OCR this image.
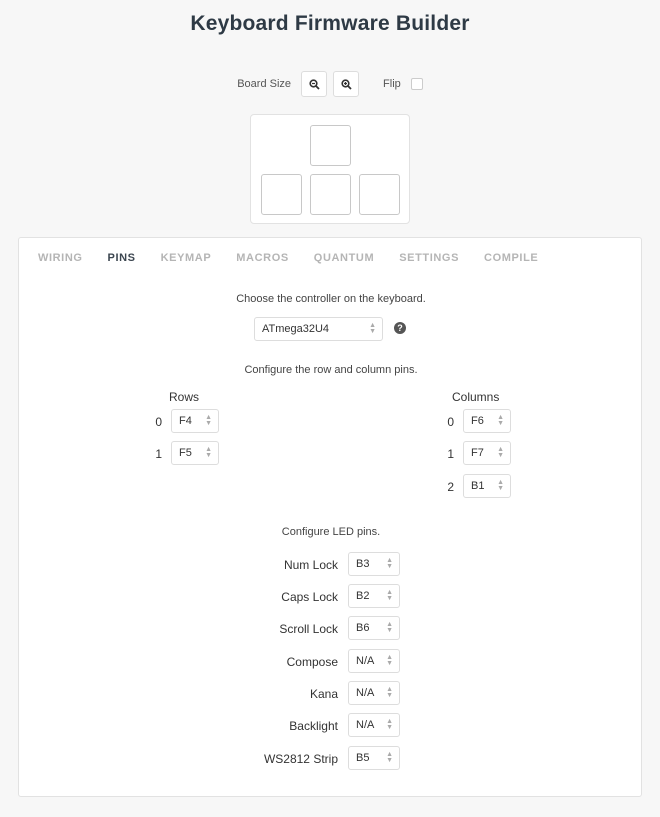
Keyboard Firmware Builder
Board Size	Flip
WIRING PINS KEYMAP MACROS QUANTUM SETTINGS COMPILE
Choose the controller on the keyboard.
ATmega32U4	▲
▼	?
Configure the row and column pins.
Rows	Columns
0 F4 ▲
▼
1 F5 ▲
▼
0 F6 ▲
▼
1 F7 ▲
▼
2 B1 ▲
▼
Configure LED pins.
Num Lock B3 ▲
▼
Caps Lock B2 ▲
▼
Scroll Lock B6 ▲
▼
Compose N/A ▲
▼
Kana N/A ▲
▼
Backlight N/A ▲
▼
WS2812 Strip B5 ▲
▼
